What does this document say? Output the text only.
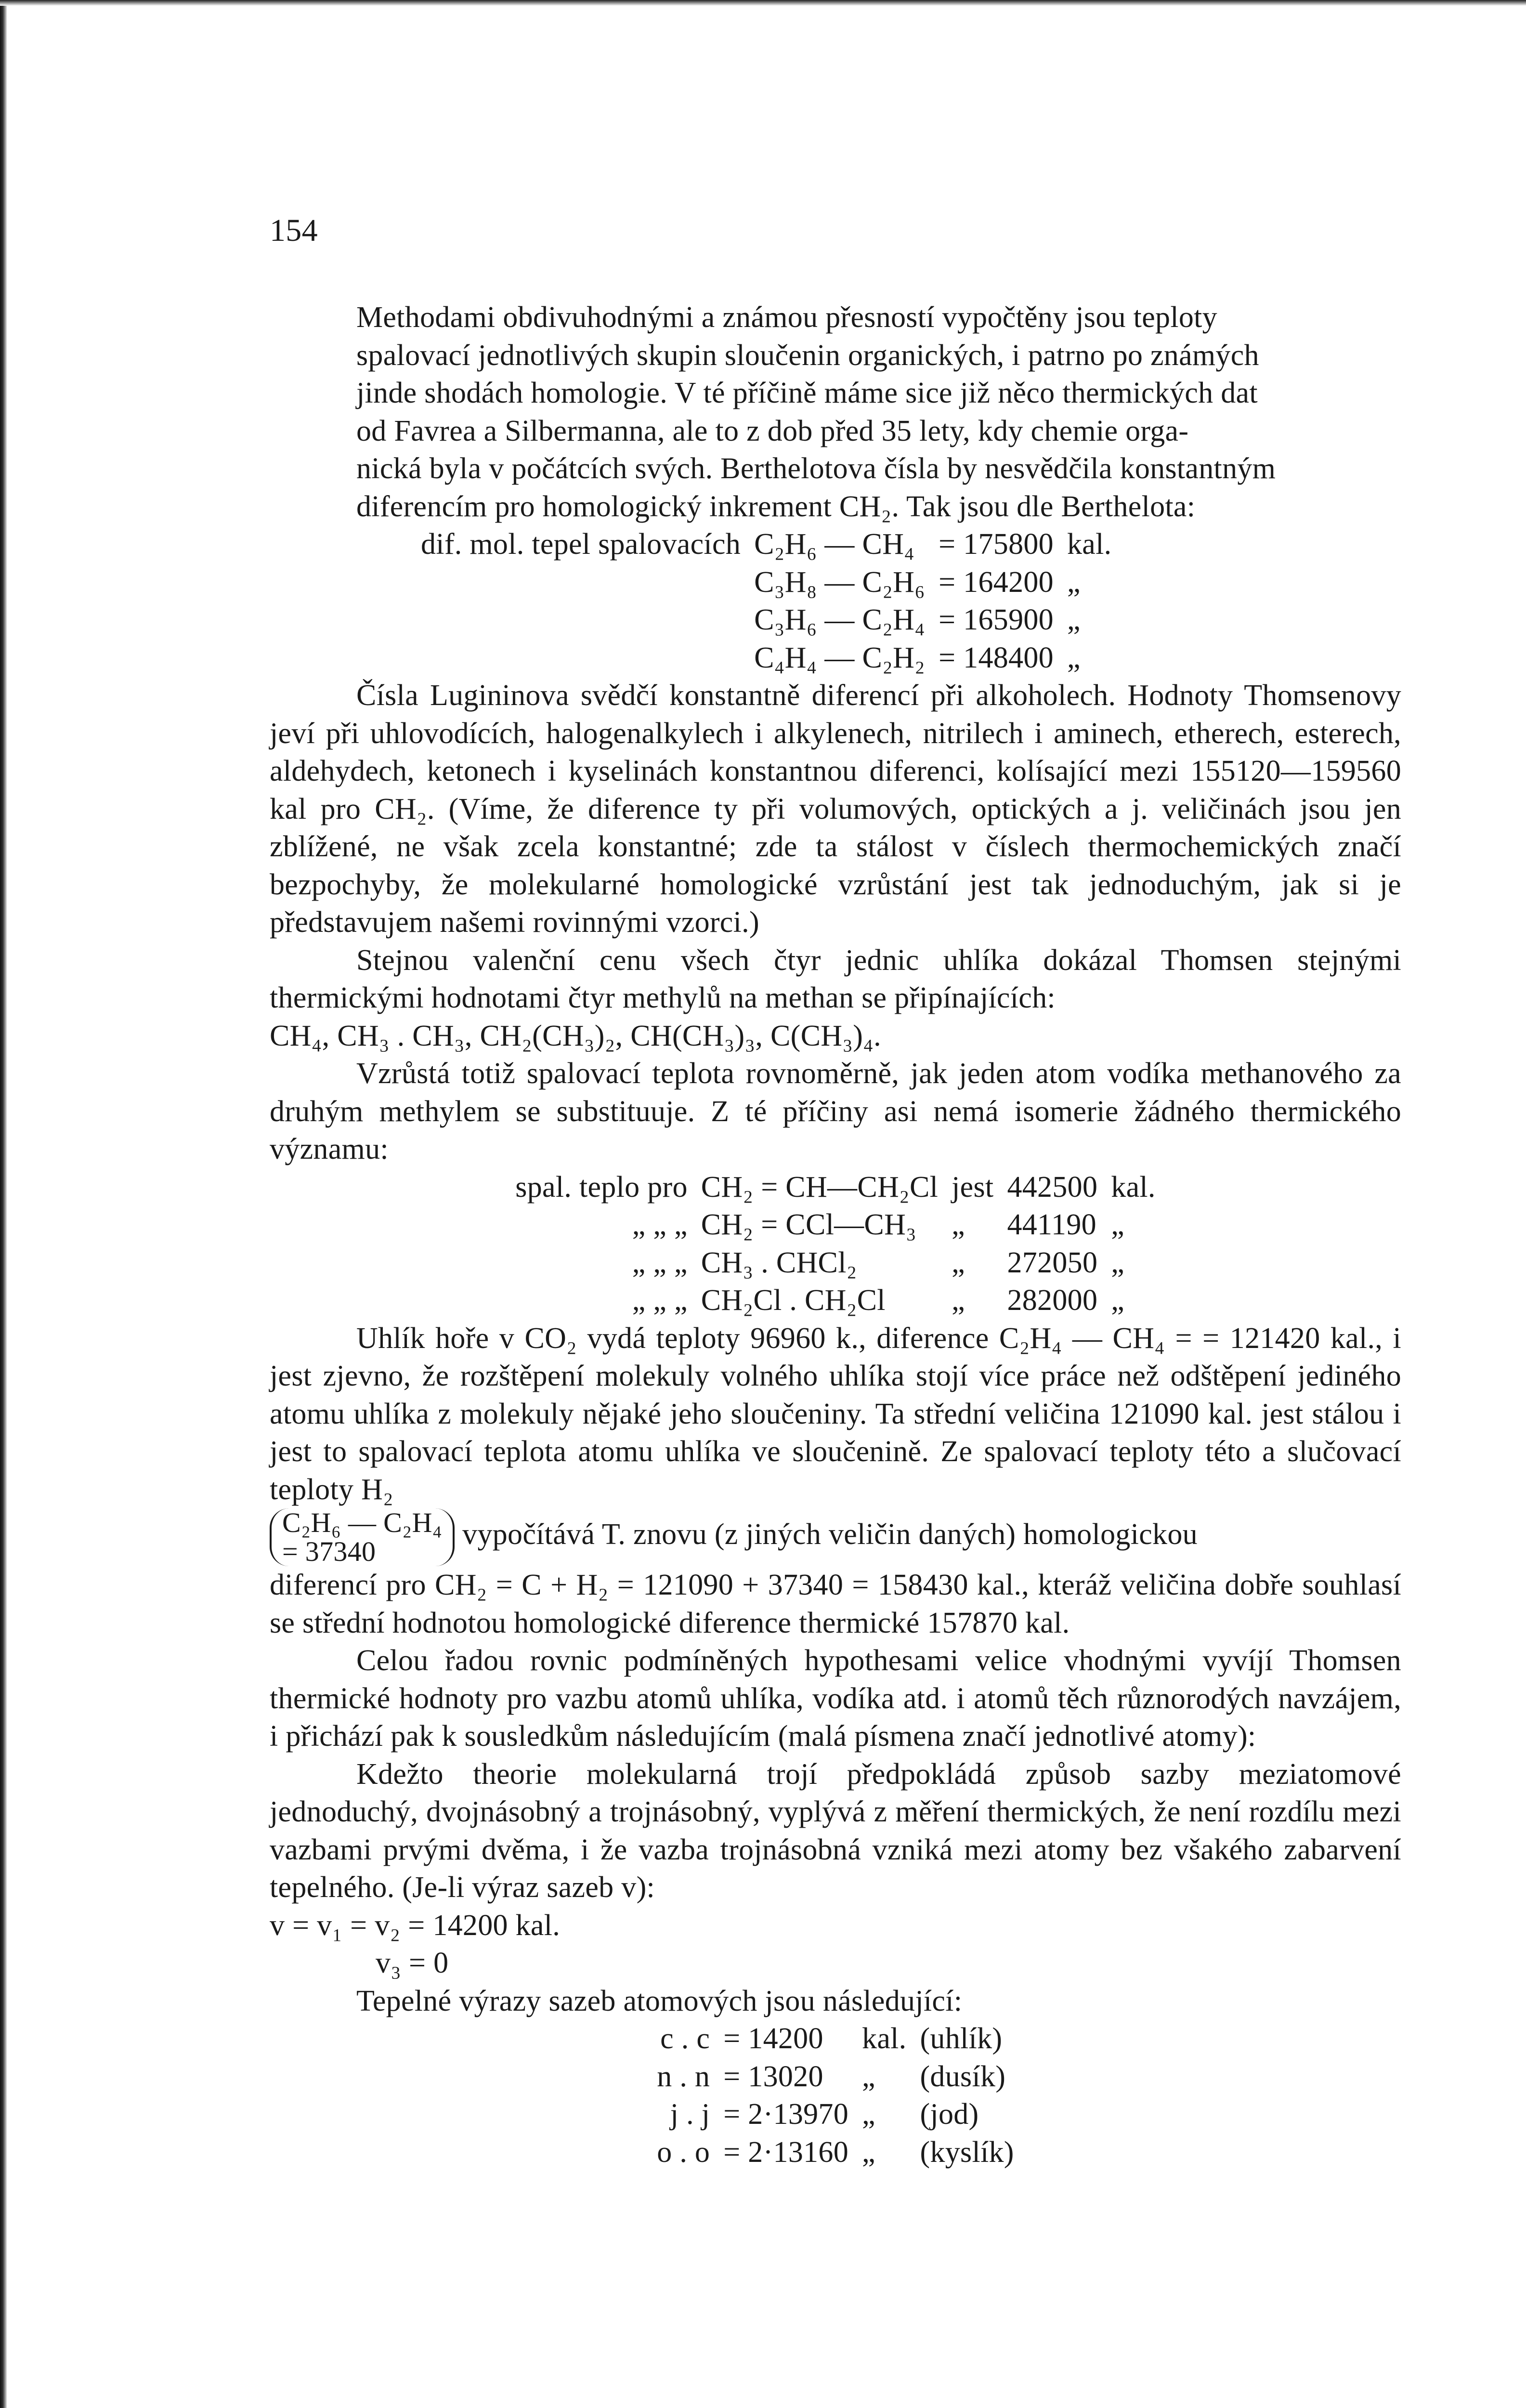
154

Methodami obdivuhodnými a známou přesností vypočtěny jsou teploty
spalovací jednotlivých skupin sloučenin organických, i patrno po známých
jinde shodách homologie. V té příčině máme sice již něco thermických dat
od Favrea a Silbermanna, ale to z dob před 35 lety, kdy chemie orga-
nická byla v počátcích svých. Berthelotova čísla by nesvědčila konstantným
diferencím pro homologický inkrement CH₂. Tak jsou dle Berthelota:

dif. mol. tepel spalovacích	C₂H₆ — CH₄	= 175800	kal.
	C₃H₈ — C₂H₆	= 164200	„
	C₃H₆ — C₂H₄	= 165900	„
	C₄H₄ — C₂H₂	= 148400	„

Čísla Lugininova svědčí konstantně diferencí při alkoholech. Hodnoty Thomsenovy jeví při uhlovodících, halogenalkylech i alkylenech, nitrilech i aminech, etherech, esterech, aldehydech, ketonech i kyselinách konstantnou diferenci, kolísající mezi 155120—159560 kal pro CH₂. (Víme, že diference ty při volumových, optických a j. veličinách jsou jen zblížené, ne však zcela konstantné; zde ta stálost v číslech thermochemických značí bezpochyby, že molekularné homologické vzrůstání jest tak jednoduchým, jak si je představujem našemi rovinnými vzorci.)

Stejnou valenční cenu všech čtyr jednic uhlíka dokázal Thomsen stejnými thermickými hodnotami čtyr methylů na methan se připínajících:

CH₄, CH₃ . CH₃, CH₂(CH₃)₂, CH(CH₃)₃, C(CH₃)₄.

Vzrůstá totiž spalovací teplota rovnoměrně, jak jeden atom vodíka methanového za druhým methylem se substituuje. Z té příčiny asi nemá isomerie žádného thermického významu:

spal. teplo pro	CH₂ = CH—CH₂Cl	jest	442500	kal.
„ „ „	CH₂ = CCl—CH₃	„	441190	„
„ „ „	CH₃ . CHCl₂	„	272050	„
„ „ „	CH₂Cl . CH₂Cl	„	282000	„

Uhlík hoře v CO₂ vydá teploty 96960 k., diference C₂H₄ — CH₄ = = 121420 kal., i jest zjevno, že rozštěpení molekuly volného uhlíka stojí více práce než odštěpení jediného atomu uhlíka z molekuly nějaké jeho sloučeniny. Ta střední veličina 121090 kal. jest stálou i jest to spalovací teplota atomu uhlíka ve sloučenině. Ze spalovací teploty této a slučovací teploty H₂

C₂H₆ — C₂H₄
= 37340
vypočítává T. znovu (z jiných veličin daných) homologickou

diferencí pro CH₂ = C + H₂ = 121090 + 37340 = 158430 kal., kteráž veličina dobře souhlasí se střední hodnotou homologické diference thermické 157870 kal.

Celou řadou rovnic podmíněných hypothesami velice vhodnými vyvíjí Thomsen thermické hodnoty pro vazbu atomů uhlíka, vodíka atd. i atomů těch různorodých navzájem, i přichází pak k sousledkům následujícím (malá písmena značí jednotlivé atomy):

Kdežto theorie molekularná trojí předpokládá způsob sazby meziatomové jednoduchý, dvojnásobný a trojnásobný, vyplývá z měření thermických, že není rozdílu mezi vazbami prvými dvěma, i že vazba trojnásobná vzniká mezi atomy bez všakého zabarvení tepelného. (Je-li výraz sazeb v):

v = v₁ = v₂ = 14200 kal.

v₃ = 0

Tepelné výrazy sazeb atomových jsou následující:

c . c	= 14200	kal.	(uhlík)
n . n	= 13020	„	(dusík)
j . j	= 2·13970	„	(jod)
o . o	= 2·13160	„	(kyslík)
